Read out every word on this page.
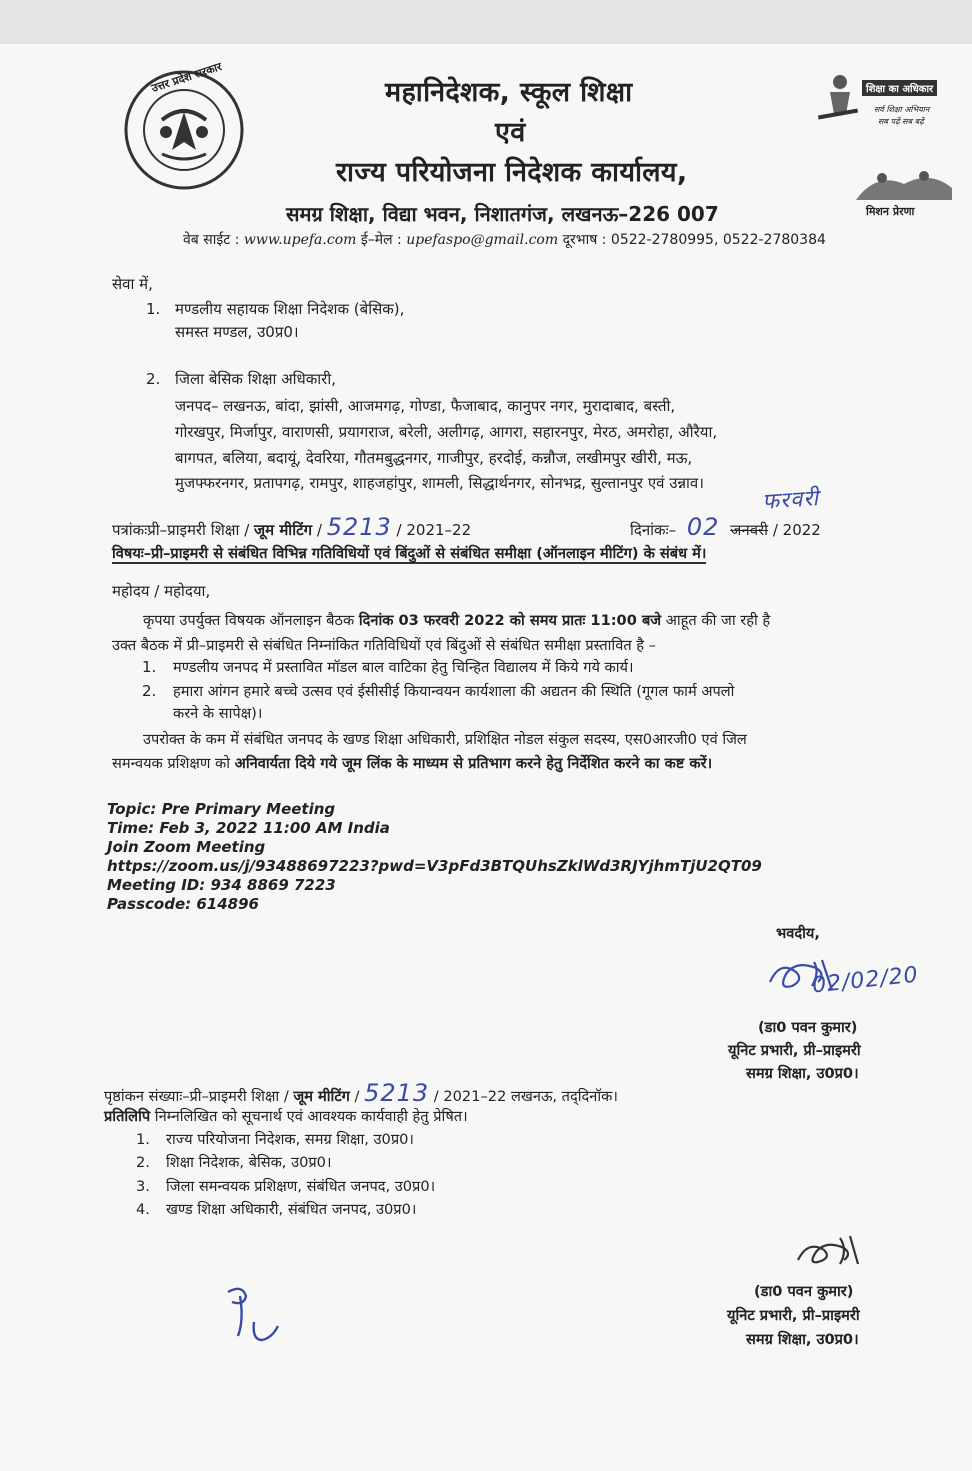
उत्तर प्रदेश सरकार	महानिदेशक, स्कूल शिक्षा
एवं
राज्य परियोजना निदेशक कार्यालय,
समग्र शिक्षा, विद्या भवन, निशातगंज, लखनऊ–226 007
वेब साईट : www.upefa.com ई–मेल : upefaspo@gmail.com दूरभाष : 0522-2780995, 0522-2780384
शिक्षा का अधिकार
सर्व शिक्षा अभियान
सब पढ़ें सब बढ़ें
मिशन प्रेरणा
सेवा में,
1. मण्डलीय सहायक शिक्षा निदेशक (बेसिक),
समस्त मण्डल, उ0प्र0।
2. जिला बेसिक शिक्षा अधिकारी,
जनपद– लखनऊ, बांदा, झांसी, आजमगढ़, गोण्डा, फैजाबाद, कानुपर नगर, मुरादाबाद, बस्ती,
गोरखपुर, मिर्जापुर, वाराणसी, प्रयागराज, बरेली, अलीगढ़, आगरा, सहारनपुर, मेरठ, अमरोहा, औरैया,
बागपत, बलिया, बदायूं, देवरिया, गौतमबुद्धनगर, गाजीपुर, हरदोई, कन्नौज, लखीमपुर खीरी, मऊ,
मुजफ्फरनगर, प्रतापगढ़, रामपुर, शाहजहांपुर, शामली, सिद्धार्थनगर, सोनभद्र, सुल्तानपुर एवं उन्नाव।
पत्रांकःप्री–प्राइमरी शिक्षा / जूम मीटिंग / 5213 / 2021–22	दिनांकः– 02 जनवरी / 2022
फरवरी
विषयः–प्री–प्राइमरी से संबंधित विभिन्न गतिविधियों एवं बिंदुओं से संबंधित समीक्षा (ऑनलाइन मीटिंग) के संबंध में।
महोदय / महोदया,
कृपया उपर्युक्त विषयक ऑनलाइन बैठक दिनांक 03 फरवरी 2022 को समय प्रातः 11:00 बजे आहूत की जा रही है
उक्त बैठक में प्री–प्राइमरी से संबंधित निम्नांकित गतिविधियों एवं बिंदुओं से संबंधित समीक्षा प्रस्तावित है –
1. मण्डलीय जनपद में प्रस्तावित मॉडल बाल वाटिका हेतु चिन्हित विद्यालय में किये गये कार्य।
2. हमारा आंगन हमारे बच्चे उत्सव एवं ईसीसीई कियान्वयन कार्यशाला की अद्यतन की स्थिति (गूगल फार्म अपलो
करने के सापेक्ष)।
उपरोक्त के कम में संबंधित जनपद के खण्ड शिक्षा अधिकारी, प्रशिक्षित नोडल संकुल सदस्य, एस0आरजी0 एवं जिल
समन्वयक प्रशिक्षण को अनिवार्यता दिये गये जूम लिंक के माध्यम से प्रतिभाग करने हेतु निर्देशित करने का कष्ट करें।
Topic: Pre Primary Meeting
Time: Feb 3, 2022 11:00 AM India
Join Zoom Meeting
https://zoom.us/j/93488697223?pwd=V3pFd3BTQUhsZklWd3RJYjhmTjU2QT09
Meeting ID: 934 8869 7223
Passcode: 614896
भवदीय,
02/02/20
(डा0 पवन कुमार)
यूनिट प्रभारी, प्री–प्राइमरी
समग्र शिक्षा, उ0प्र0।
पृष्ठांकन संख्याः–प्री–प्राइमरी शिक्षा / जूम मीटिंग / 5213 / 2021–22 लखनऊ, तद्‌दिनॉक।
प्रतिलिपि निम्नलिखित को सूचनार्थ एवं आवश्यक कार्यवाही हेतु प्रेषित।
1. राज्य परियोजना निदेशक, समग्र शिक्षा, उ0प्र0।
2. शिक्षा निदेशक, बेसिक, उ0प्र0।
3. जिला समन्वयक प्रशिक्षण, संबंधित जनपद, उ0प्र0।
4. खण्ड शिक्षा अधिकारी, संबंधित जनपद, उ0प्र0।
(डा0 पवन कुमार)
यूनिट प्रभारी, प्री–प्राइमरी
समग्र शिक्षा, उ0प्र0।
